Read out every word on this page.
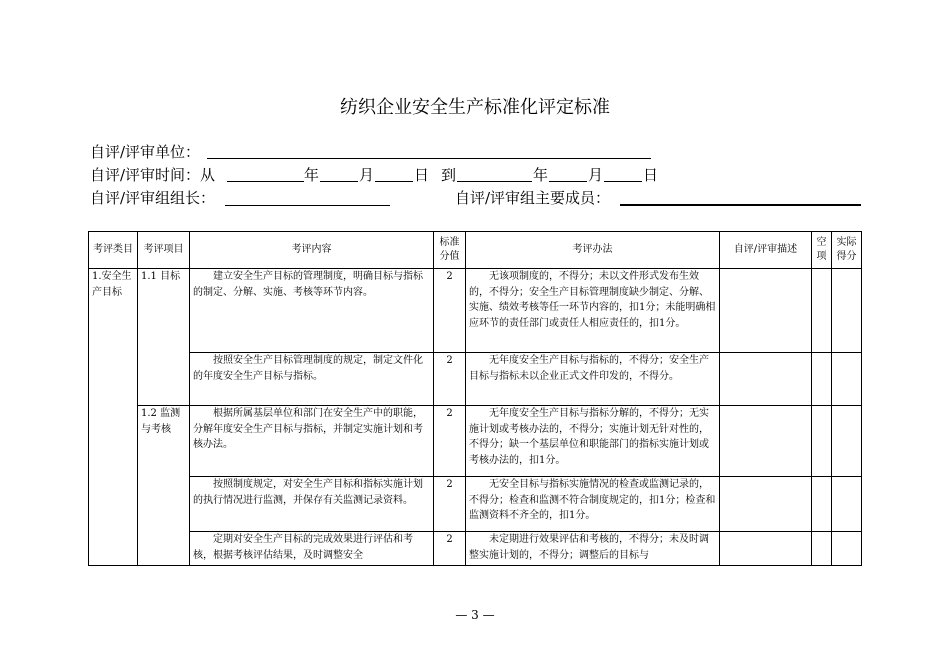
纺织企业安全生产标准化评定标准
自评/评审单位：
自评/评审时间：从	年	月	日 到	年	月	日
自评/评审组组长：	自评/评审组主要成员：
考评类目	考评项目	考评内容	标准分值	考评办法	自评/评审描述	空项	实际得分
1.安全生产目标	1.1 目标	建立安全生产目标的管理制度，明确目标与指标的制定、分解、实施、考核等环节内容。	2	无该项制度的，不得分；未以文件形式发布生效的，不得分；安全生产目标管理制度缺少制定、分解、实施、绩效考核等任一环节内容的，扣1分；未能明确相应环节的责任部门或责任人相应责任的，扣1分。			
		按照安全生产目标管理制度的规定，制定文件化的年度安全生产目标与指标。	2	无年度安全生产目标与指标的，不得分；安全生产目标与指标未以企业正式文件印发的，不得分。			
	1.2 监测与考核	根据所属基层单位和部门在安全生产中的职能，分解年度安全生产目标与指标，并制定实施计划和考核办法。	2	无年度安全生产目标与指标分解的，不得分；无实施计划或考核办法的，不得分；实施计划无针对性的，不得分；缺一个基层单位和职能部门的指标实施计划或考核办法的，扣1分。			
		按照制度规定，对安全生产目标和指标实施计划的执行情况进行监测，并保存有关监测记录资料。	2	无安全目标与指标实施情况的检查或监测记录的，不得分；检查和监测不符合制度规定的，扣1分；检查和监测资料不齐全的，扣1分。			

		定期对安全生产目标的完成效果进行评估和考核，根据考核评估结果，及时调整安全	2	未定期进行效果评估和考核的，不得分；未及时调整实施计划的，不得分；调整后的目标与			

— 3 —
